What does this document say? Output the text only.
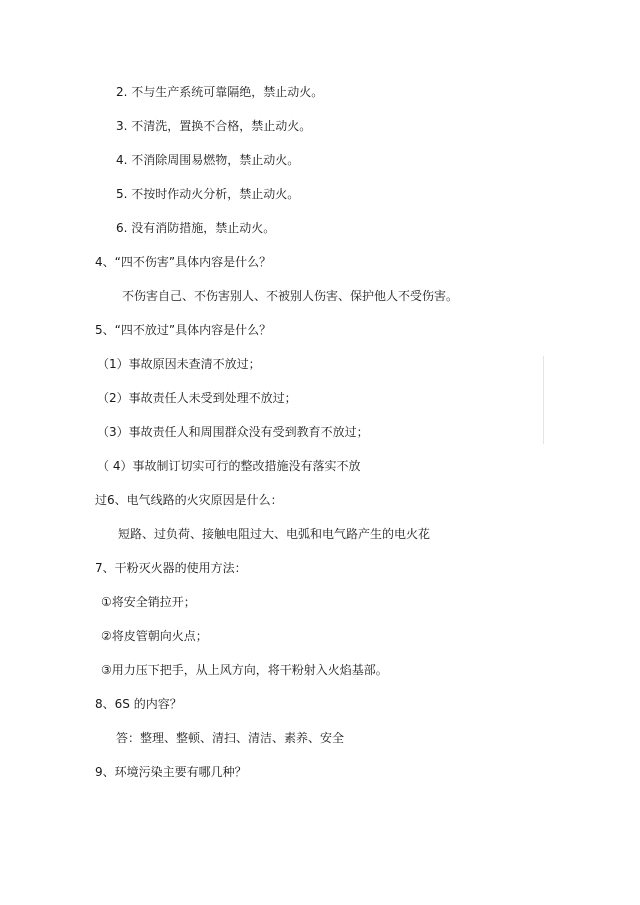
2. 不与生产系统可靠隔绝，禁止动火。
3. 不清洗，置换不合格，禁止动火。
4. 不消除周围易燃物，禁止动火。
5. 不按时作动火分析，禁止动火。
6. 没有消防措施，禁止动火。
4、“四不伤害”具体内容是什么？
不伤害自己、不伤害别人、不被别人伤害、保护他人不受伤害。
5、“四不放过”具体内容是什么？
（1）事故原因未查清不放过；
（2）事故责任人未受到处理不放过；
（3）事故责任人和周围群众没有受到教育不放过；
（ 4）事故制订切实可行的整改措施没有落实不放
过6、电气线路的火灾原因是什么：
短路、过负荷、接触电阻过大、电弧和电气路产生的电火花
7、干粉灭火器的使用方法：
①将安全销拉开；
②将皮管朝向火点；
③用力压下把手，从上风方向，将干粉射入火焰基部。
8、6S 的内容？
答：整理、整顿、清扫、清洁、素养、安全
9、环境污染主要有哪几种？
